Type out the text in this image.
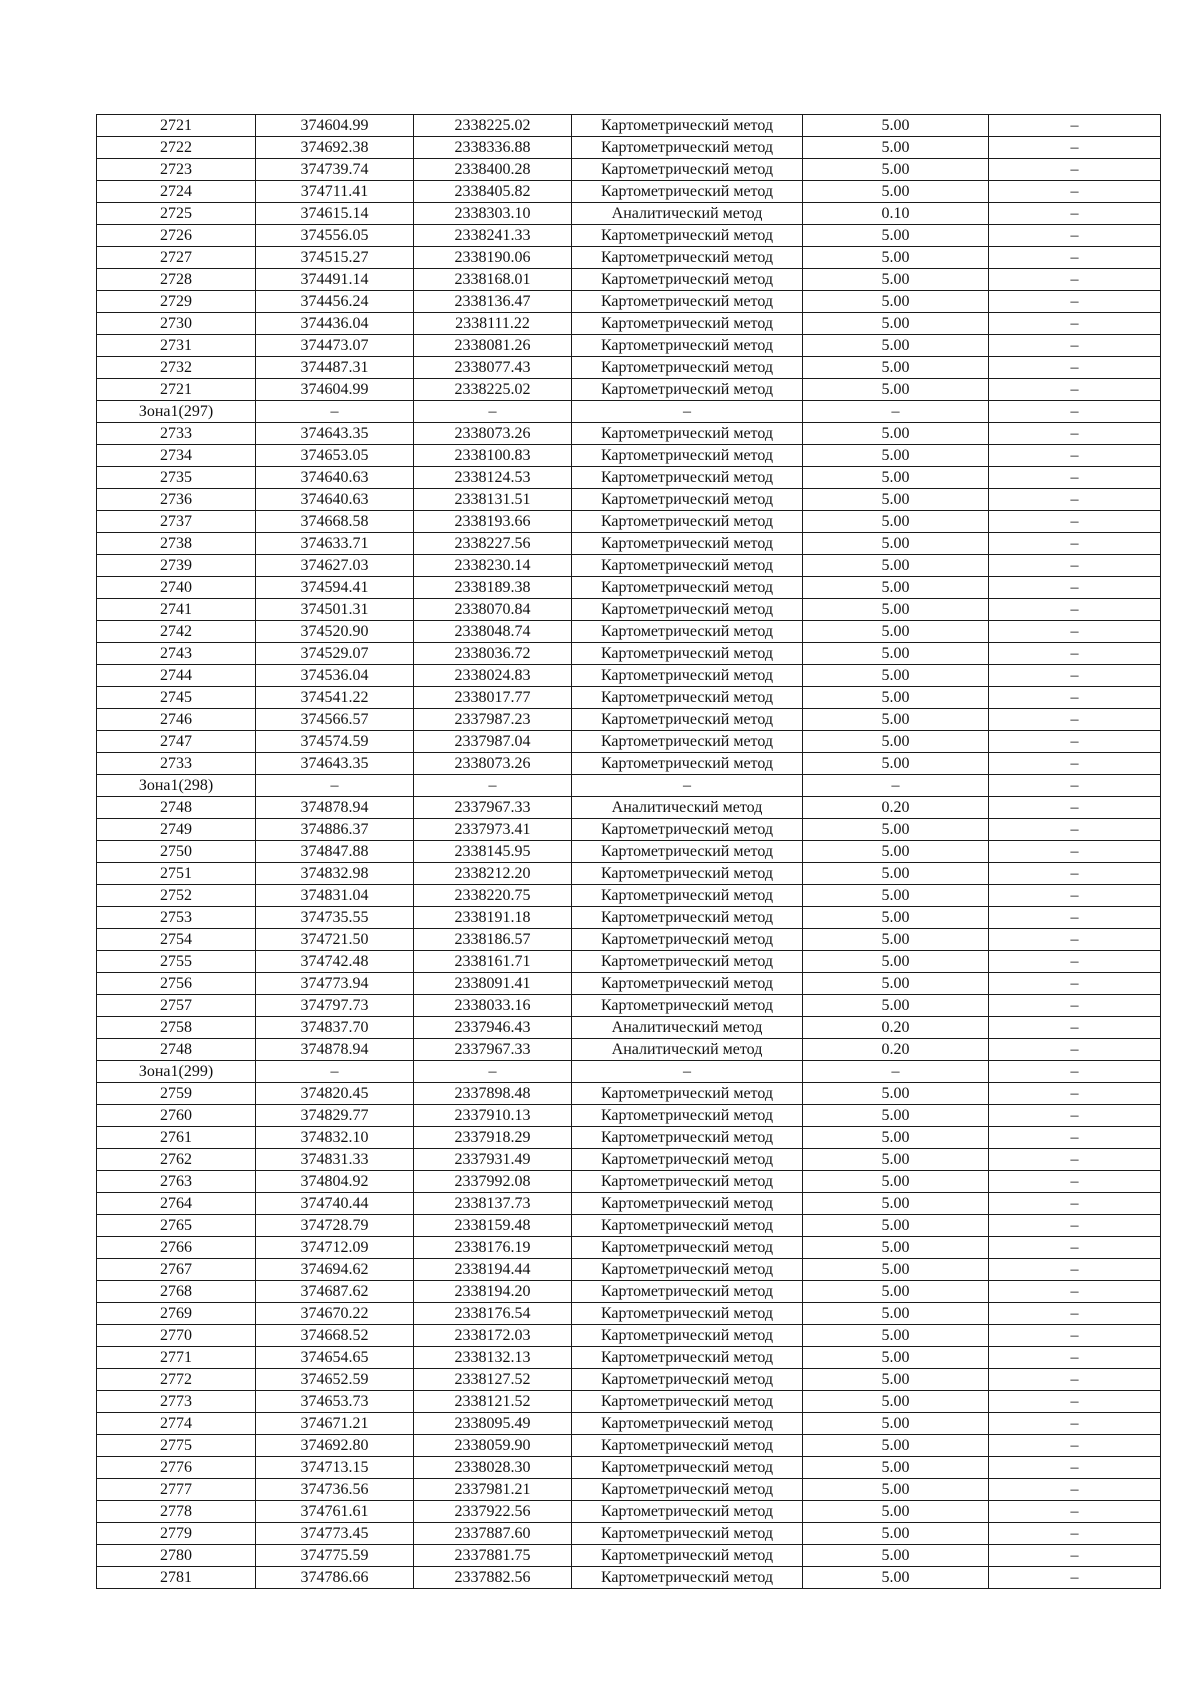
2721	374604.99	2338225.02	Картометрический метод	5.00	–
2722	374692.38	2338336.88	Картометрический метод	5.00	–
2723	374739.74	2338400.28	Картометрический метод	5.00	–
2724	374711.41	2338405.82	Картометрический метод	5.00	–
2725	374615.14	2338303.10	Аналитический метод	0.10	–
2726	374556.05	2338241.33	Картометрический метод	5.00	–
2727	374515.27	2338190.06	Картометрический метод	5.00	–
2728	374491.14	2338168.01	Картометрический метод	5.00	–
2729	374456.24	2338136.47	Картометрический метод	5.00	–
2730	374436.04	2338111.22	Картометрический метод	5.00	–
2731	374473.07	2338081.26	Картометрический метод	5.00	–
2732	374487.31	2338077.43	Картометрический метод	5.00	–
2721	374604.99	2338225.02	Картометрический метод	5.00	–
Зона1(297)	–	–	–	–	–
2733	374643.35	2338073.26	Картометрический метод	5.00	–
2734	374653.05	2338100.83	Картометрический метод	5.00	–
2735	374640.63	2338124.53	Картометрический метод	5.00	–
2736	374640.63	2338131.51	Картометрический метод	5.00	–
2737	374668.58	2338193.66	Картометрический метод	5.00	–
2738	374633.71	2338227.56	Картометрический метод	5.00	–
2739	374627.03	2338230.14	Картометрический метод	5.00	–
2740	374594.41	2338189.38	Картометрический метод	5.00	–
2741	374501.31	2338070.84	Картометрический метод	5.00	–
2742	374520.90	2338048.74	Картометрический метод	5.00	–
2743	374529.07	2338036.72	Картометрический метод	5.00	–
2744	374536.04	2338024.83	Картометрический метод	5.00	–
2745	374541.22	2338017.77	Картометрический метод	5.00	–
2746	374566.57	2337987.23	Картометрический метод	5.00	–
2747	374574.59	2337987.04	Картометрический метод	5.00	–
2733	374643.35	2338073.26	Картометрический метод	5.00	–
Зона1(298)	–	–	–	–	–
2748	374878.94	2337967.33	Аналитический метод	0.20	–
2749	374886.37	2337973.41	Картометрический метод	5.00	–
2750	374847.88	2338145.95	Картометрический метод	5.00	–
2751	374832.98	2338212.20	Картометрический метод	5.00	–
2752	374831.04	2338220.75	Картометрический метод	5.00	–
2753	374735.55	2338191.18	Картометрический метод	5.00	–
2754	374721.50	2338186.57	Картометрический метод	5.00	–
2755	374742.48	2338161.71	Картометрический метод	5.00	–
2756	374773.94	2338091.41	Картометрический метод	5.00	–
2757	374797.73	2338033.16	Картометрический метод	5.00	–
2758	374837.70	2337946.43	Аналитический метод	0.20	–
2748	374878.94	2337967.33	Аналитический метод	0.20	–
Зона1(299)	–	–	–	–	–
2759	374820.45	2337898.48	Картометрический метод	5.00	–
2760	374829.77	2337910.13	Картометрический метод	5.00	–
2761	374832.10	2337918.29	Картометрический метод	5.00	–
2762	374831.33	2337931.49	Картометрический метод	5.00	–
2763	374804.92	2337992.08	Картометрический метод	5.00	–
2764	374740.44	2338137.73	Картометрический метод	5.00	–
2765	374728.79	2338159.48	Картометрический метод	5.00	–
2766	374712.09	2338176.19	Картометрический метод	5.00	–
2767	374694.62	2338194.44	Картометрический метод	5.00	–
2768	374687.62	2338194.20	Картометрический метод	5.00	–
2769	374670.22	2338176.54	Картометрический метод	5.00	–
2770	374668.52	2338172.03	Картометрический метод	5.00	–
2771	374654.65	2338132.13	Картометрический метод	5.00	–
2772	374652.59	2338127.52	Картометрический метод	5.00	–
2773	374653.73	2338121.52	Картометрический метод	5.00	–
2774	374671.21	2338095.49	Картометрический метод	5.00	–
2775	374692.80	2338059.90	Картометрический метод	5.00	–
2776	374713.15	2338028.30	Картометрический метод	5.00	–
2777	374736.56	2337981.21	Картометрический метод	5.00	–
2778	374761.61	2337922.56	Картометрический метод	5.00	–
2779	374773.45	2337887.60	Картометрический метод	5.00	–
2780	374775.59	2337881.75	Картометрический метод	5.00	–
2781	374786.66	2337882.56	Картометрический метод	5.00	–
